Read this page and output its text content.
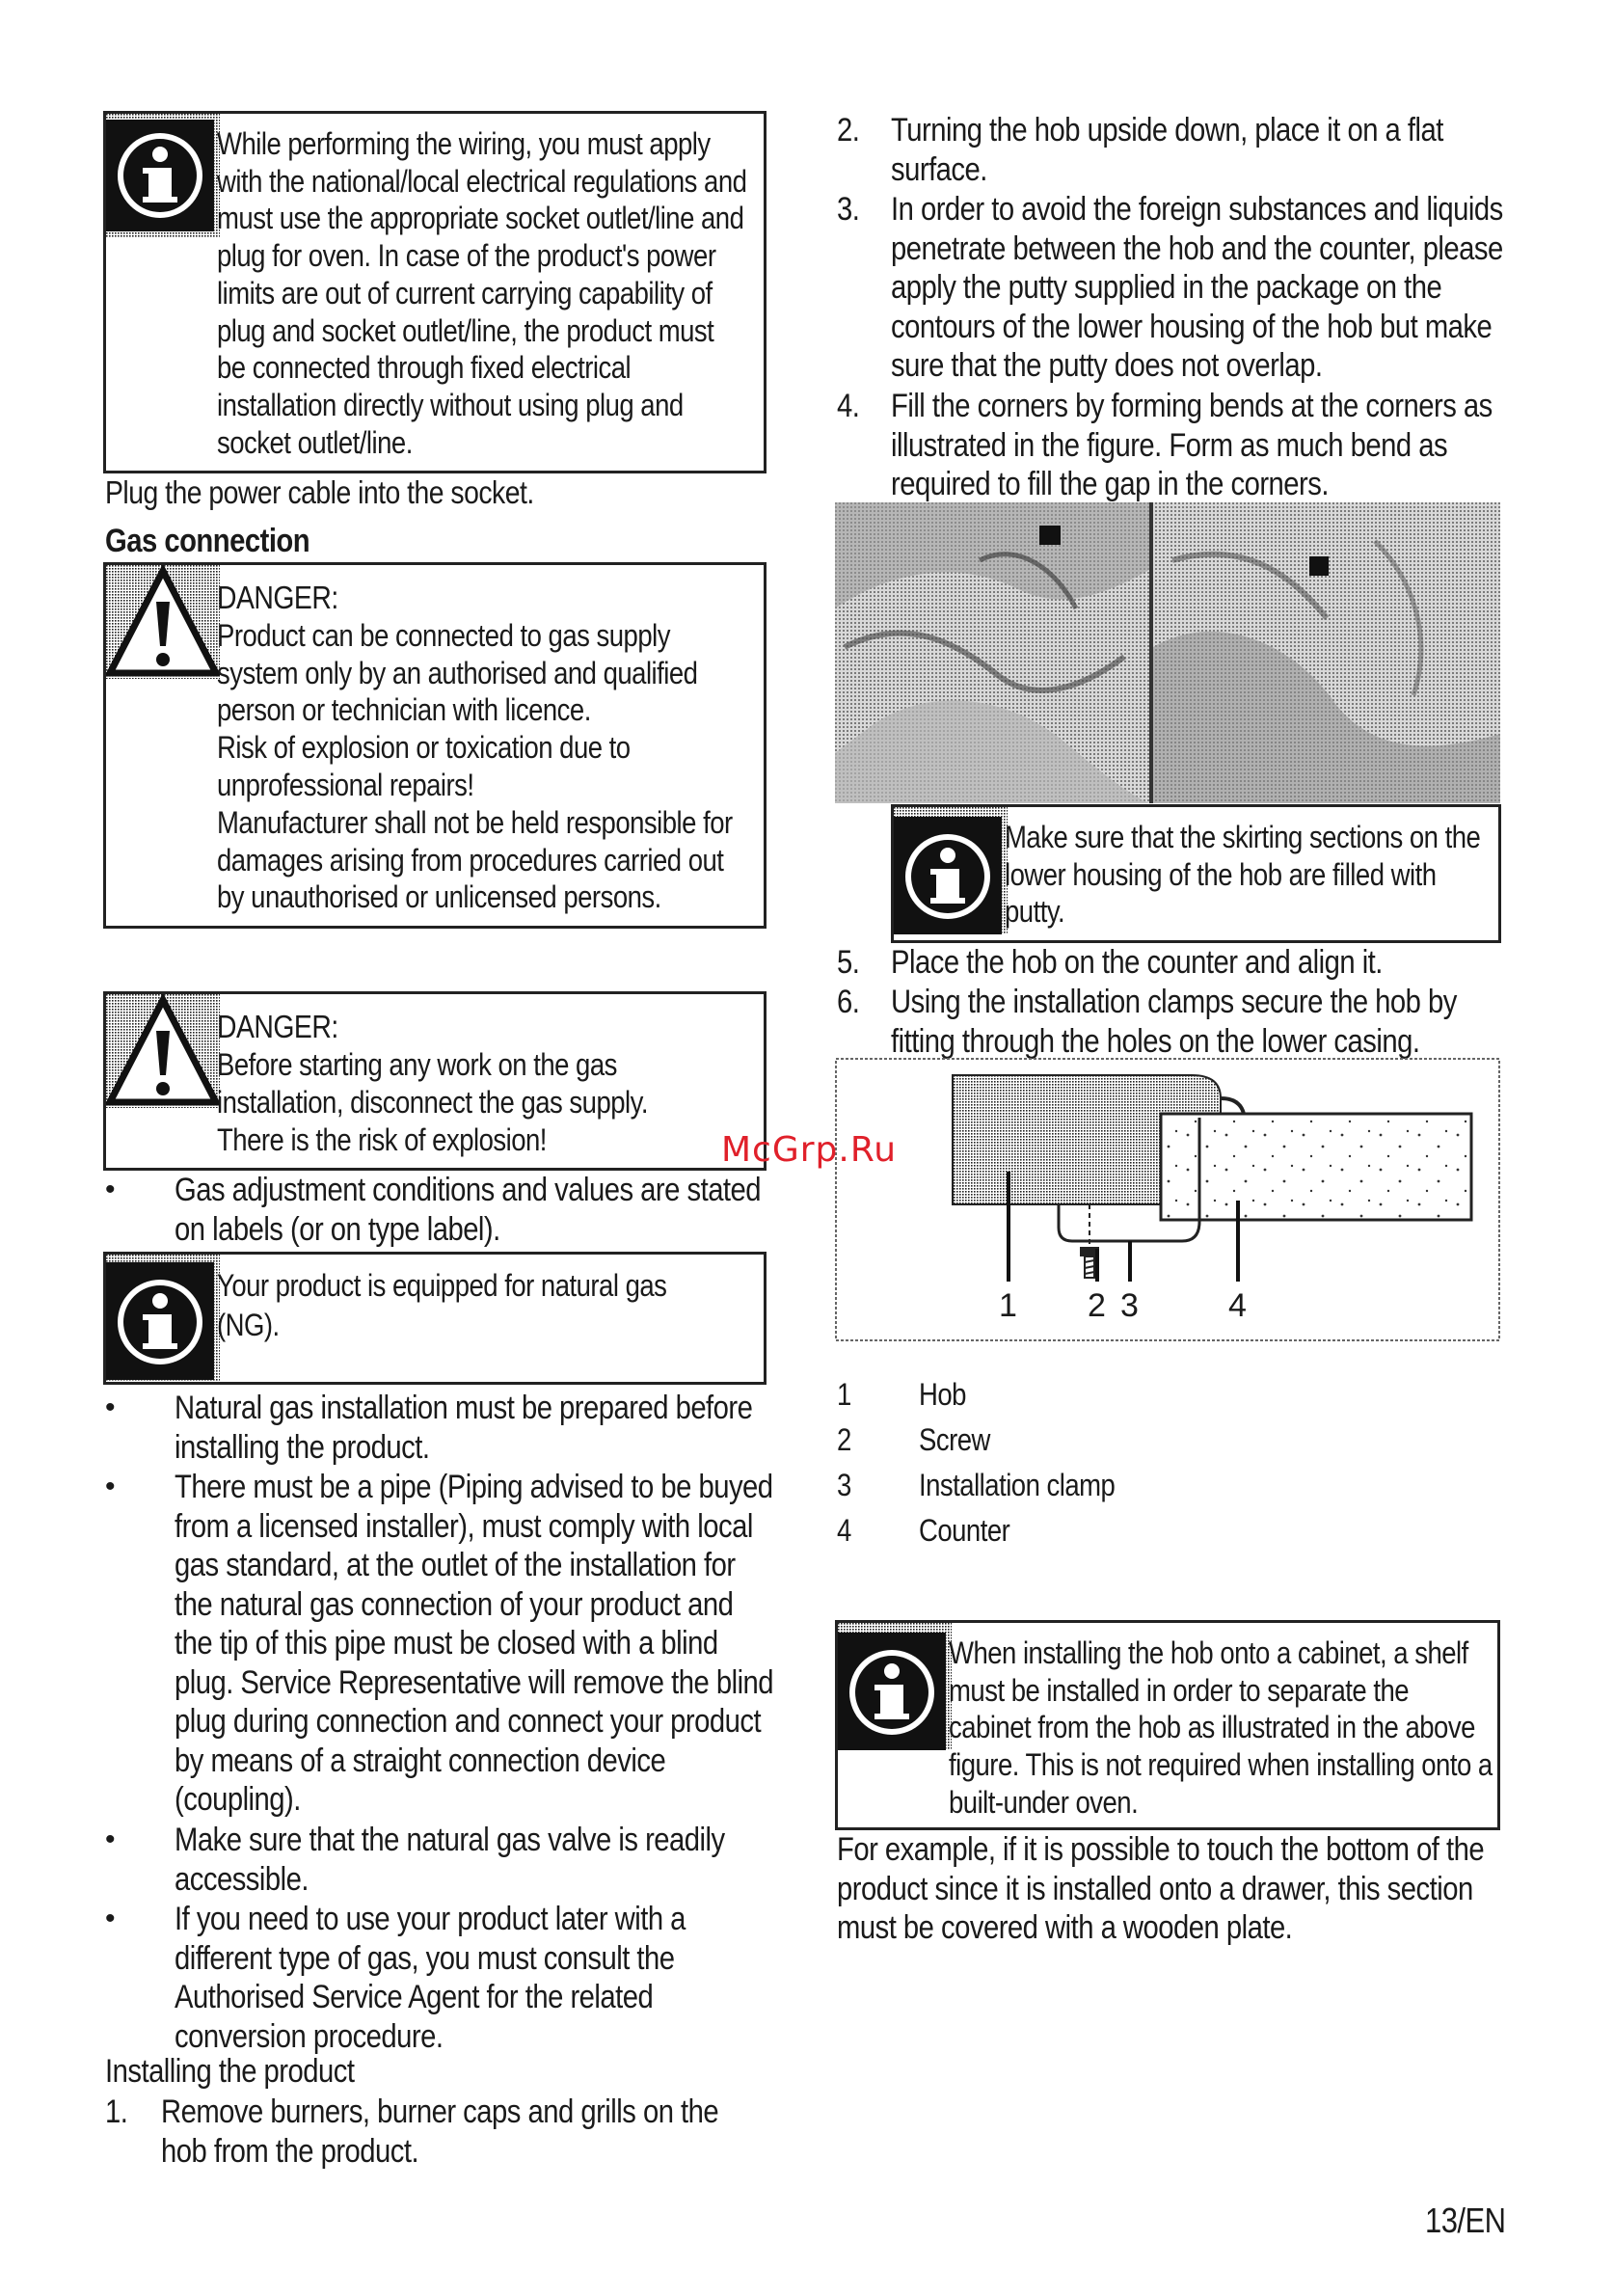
While performing the wiring, you must apply with the national/local electrical regulations and must use the appropriate socket outlet/line and plug for oven. In case of the product's power limits are out of current carrying capability of plug and socket outlet/line, the product must be connected through fixed electrical installation directly without using plug and socket outlet/line.
Plug the power cable into the socket.
Gas connection
DANGER:
Product can be connected to gas supply system only by an authorised and qualified person or technician with licence.
Risk of explosion or toxication due to unprofessional repairs!
Manufacturer shall not be held responsible for damages arising from procedures carried out by unauthorised or unlicensed persons.
DANGER:
Before starting any work on the gas installation, disconnect the gas supply.
There is the risk of explosion!
• Gas adjustment conditions and values are stated on labels (or on type label).
Your product is equipped for natural gas (NG).
• Natural gas installation must be prepared before installing the product.
• There must be a pipe (Piping advised to be buyed from a licensed installer), must comply with local gas standard, at the outlet of the installation for the natural gas connection of your product and the tip of this pipe must be closed with a blind plug. Service Representative will remove the blind plug during connection and connect your product by means of a straight connection device (coupling).
• Make sure that the natural gas valve is readily accessible.
• If you need to use your product later with a different type of gas, you must consult the Authorised Service Agent for the related conversion procedure.
Installing the product
1. Remove burners, burner caps and grills on the hob from the product.
2. Turning the hob upside down, place it on a flat surface.
3. In order to avoid the foreign substances and liquids penetrate between the hob and the counter, please apply the putty supplied in the package on the contours of the lower housing of the hob but make sure that the putty does not overlap.
4. Fill the corners by forming bends at the corners as illustrated in the figure. Form as much bend as required to fill the gap in the corners.
Make sure that the skirting sections on the lower housing of the hob are filled with putty.
5. Place the hob on the counter and align it.
6. Using the installation clamps secure the hob by fitting through the holes on the lower casing.
1 2 3	4
1 Hob
2 Screw
3 Installation clamp
4 Counter
When installing the hob onto a cabinet, a shelf must be installed in order to separate the cabinet from the hob as illustrated in the above figure. This is not required when installing onto a built-under oven.
For example, if it is possible to touch the bottom of the product since it is installed onto a drawer, this section must be covered with a wooden plate.
McGrp.Ru
13/EN
